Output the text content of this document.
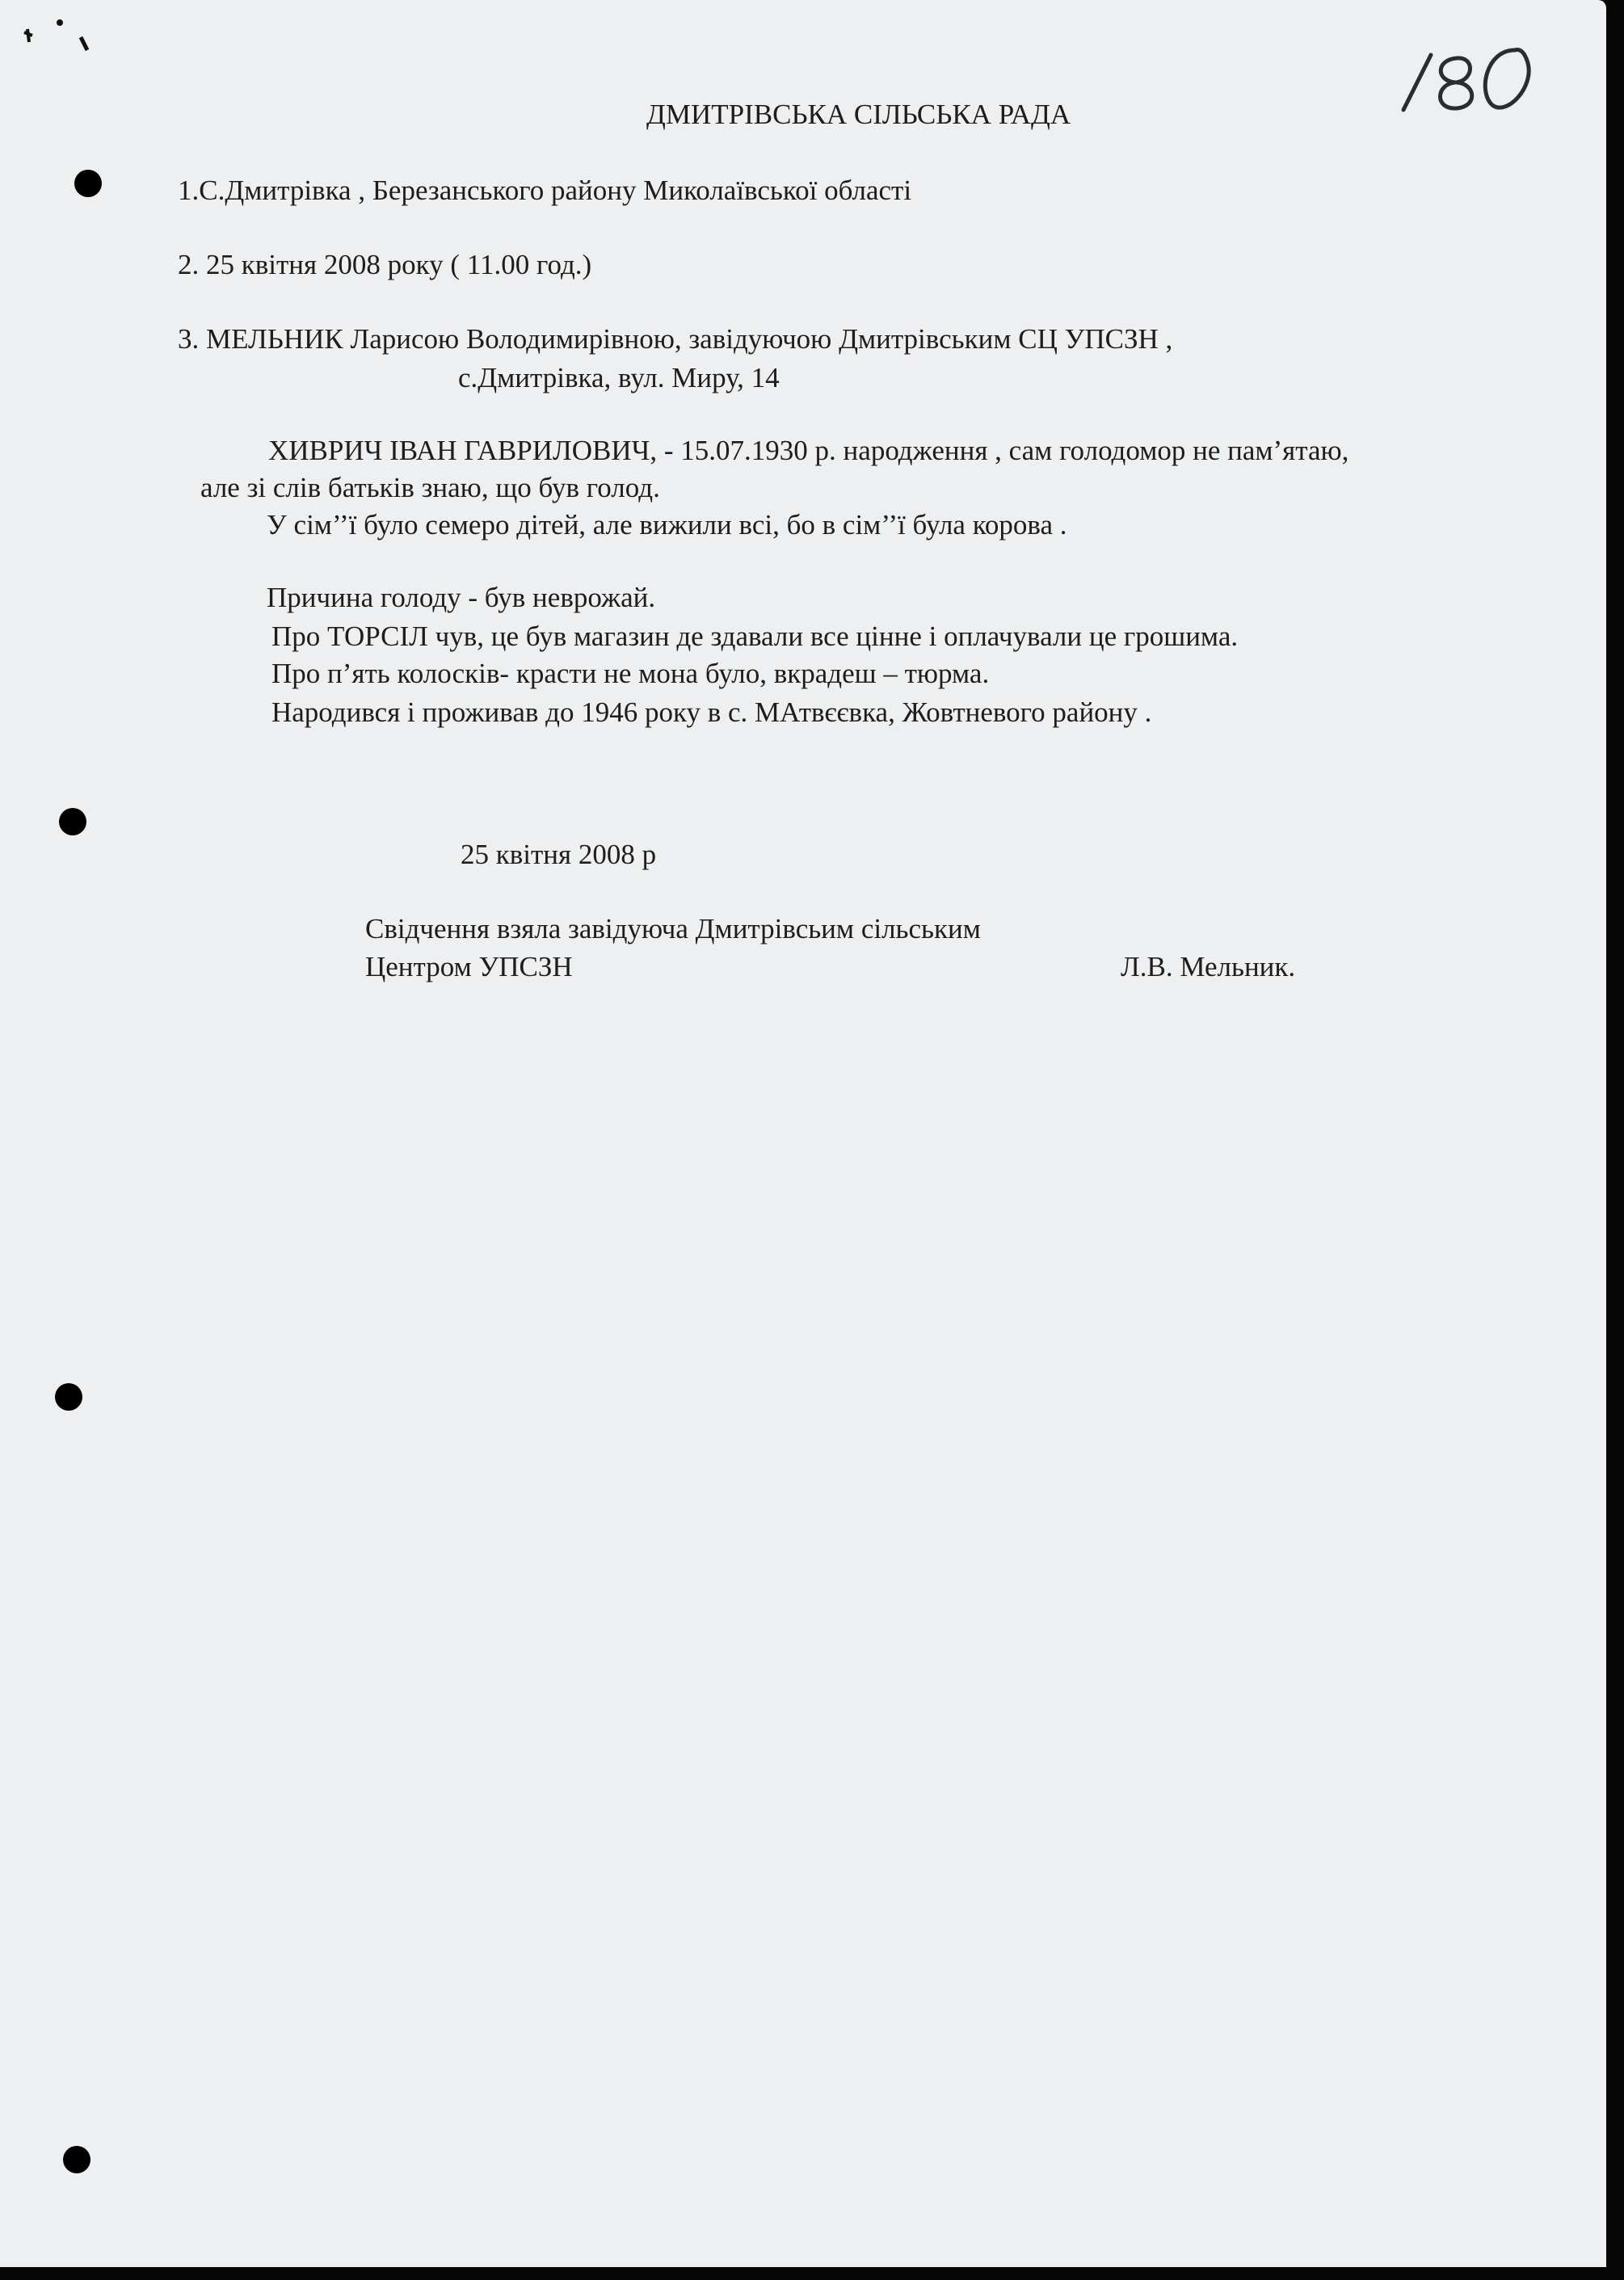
180
ДМИТРІВСЬКА СІЛЬСЬКА РАДА
1.С.Дмитрівка , Березанського району Миколаївської області
2. 25 квітня 2008 року ( 11.00 год.)
3. МЕЛЬНИК Ларисою Володимирівною, завідуючою Дмитрівським СЦ УПСЗН ,
с.Дмитрівка, вул. Миру, 14
ХИВРИЧ ІВАН ГАВРИЛОВИЧ, - 15.07.1930 р. народження , сам голодомор не пам’ятаю,
але зі слів батьків знаю, що був голод.
У сім’’ї було семеро дітей, але вижили всі, бо в сім’’ї була корова .
Причина голоду - був неврожай.
Про ТОРСІЛ чув, це був магазин де здавали все цінне і оплачували це грошима.
Про п’ять колосків- красти не мона було, вкрадеш – тюрма.
Народився і проживав до 1946 року в с. МАтвєєвка, Жовтневого району .
25 квітня 2008 р
Свідчення взяла завідуюча Дмитрівсьим сільським
Центром УПСЗН	Л.В. Мельник.
